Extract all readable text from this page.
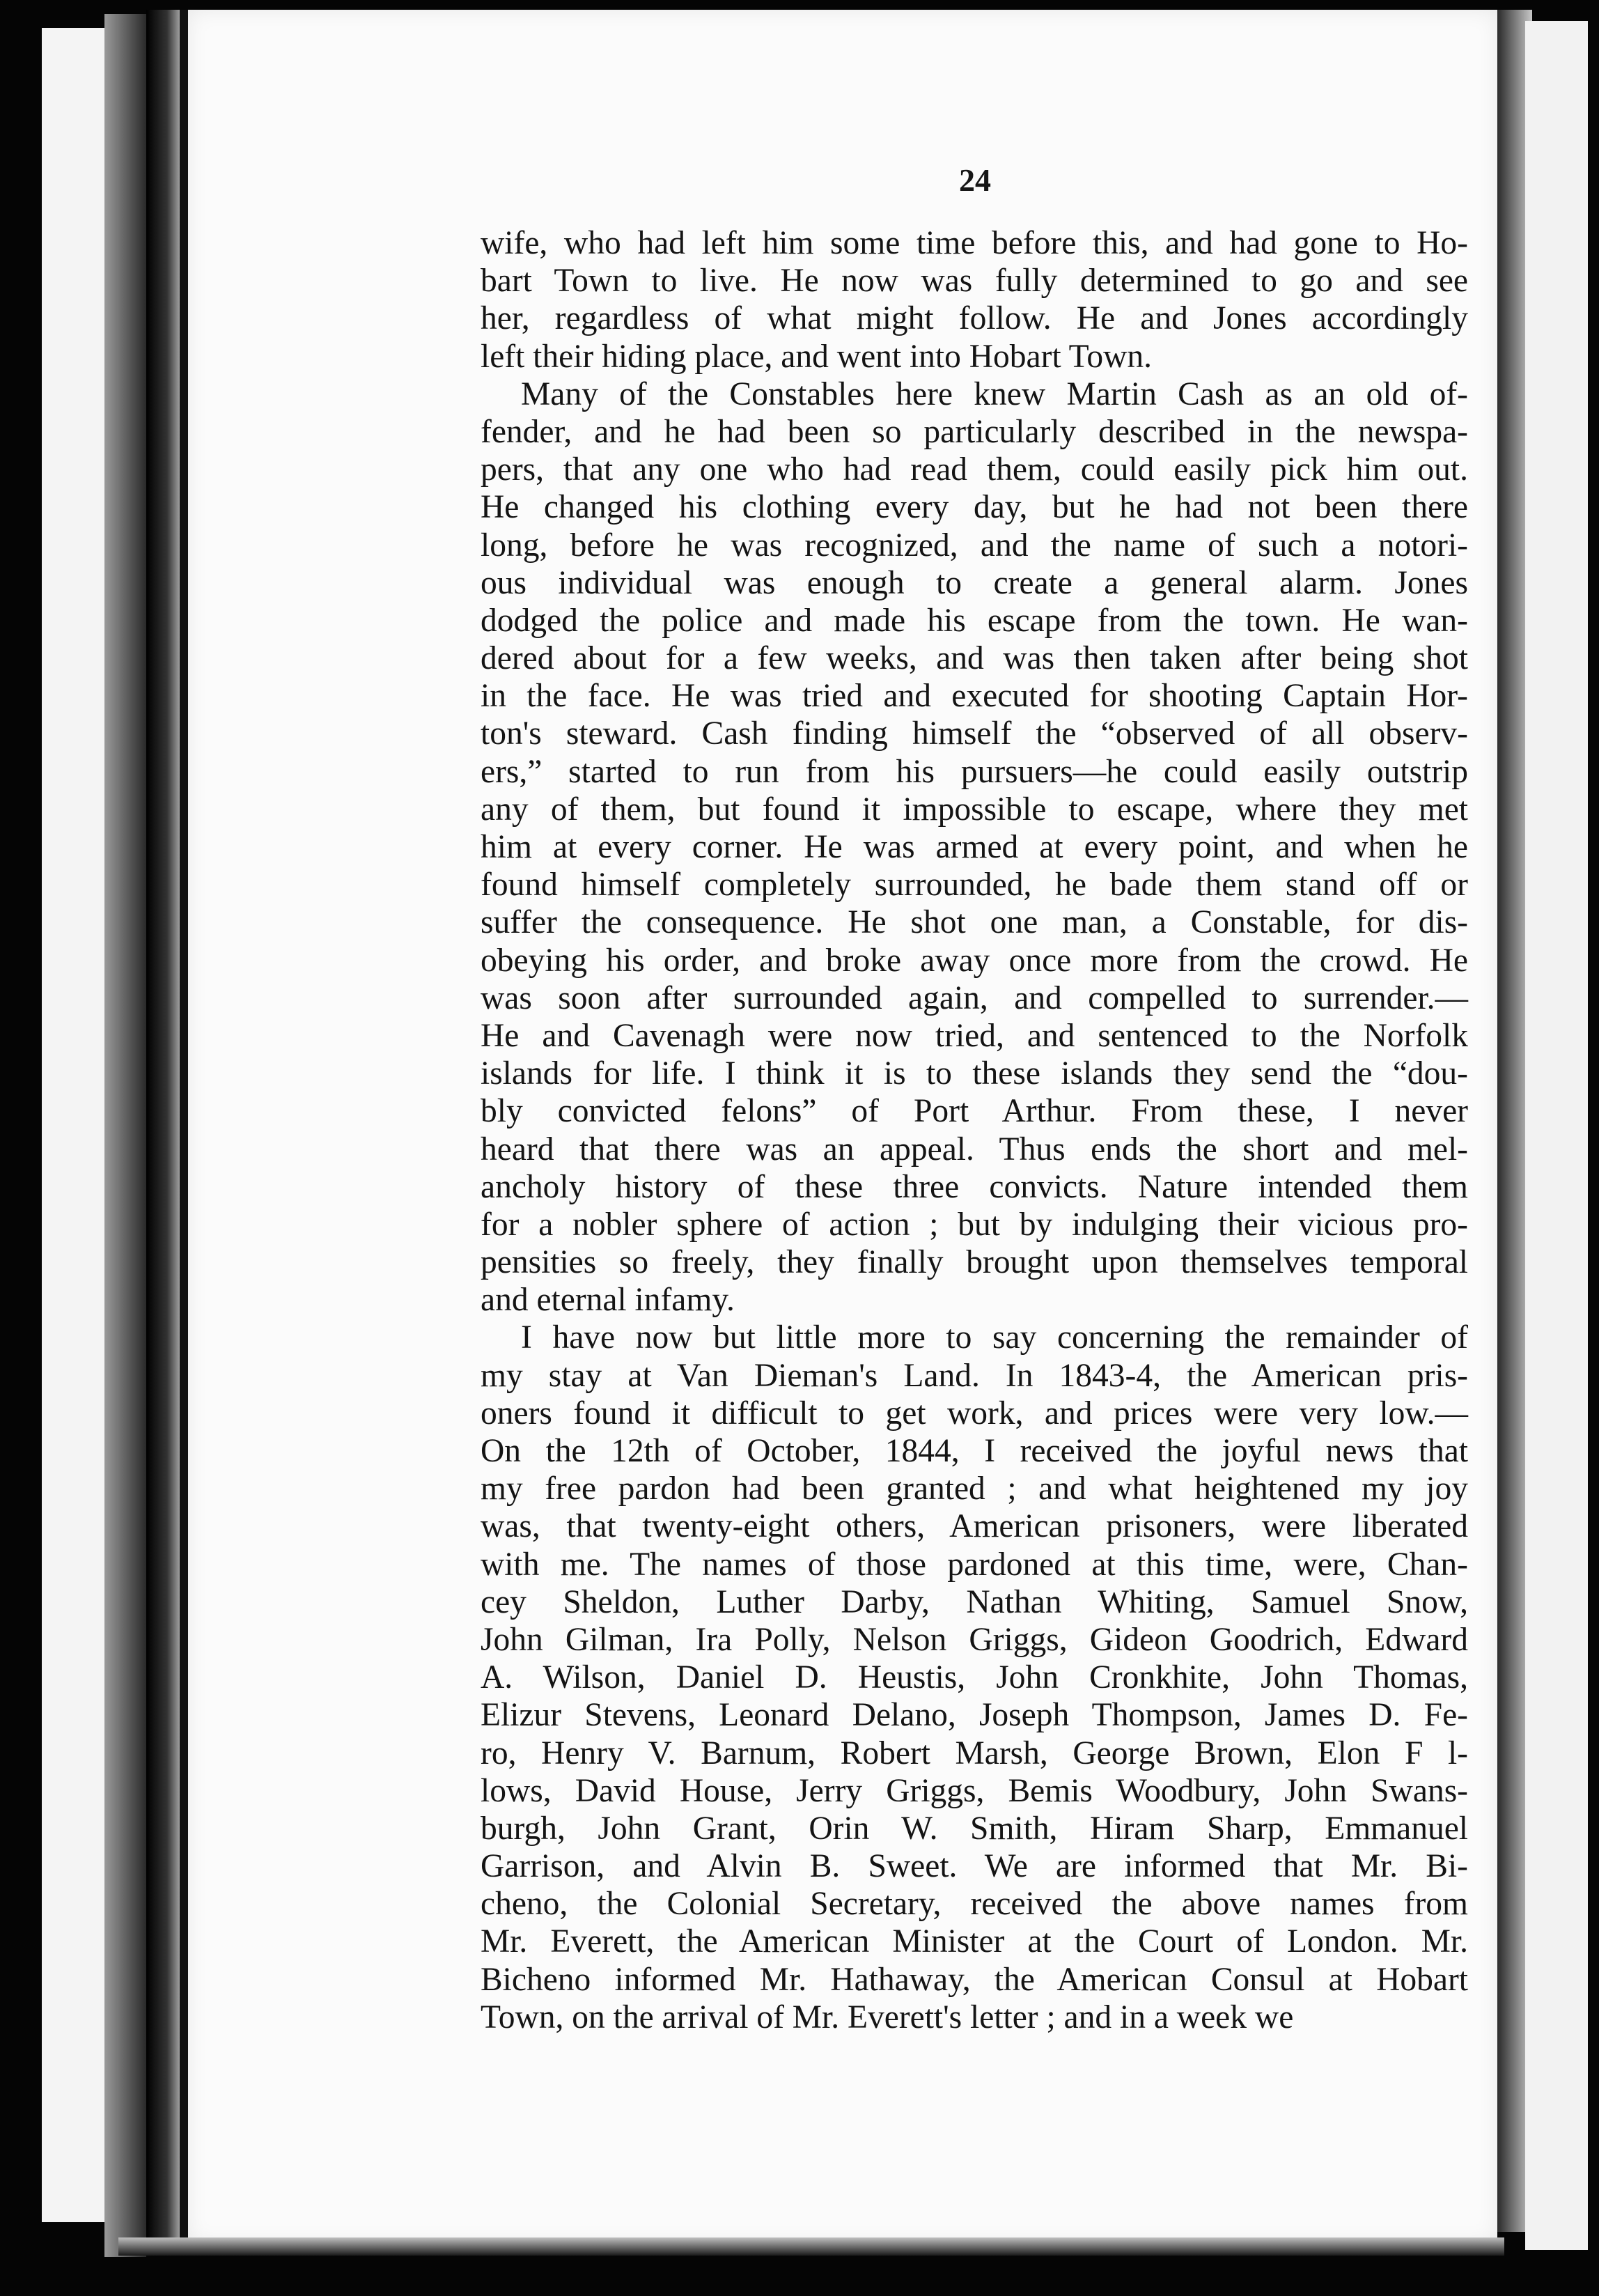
24
wife, who had left him some time before this, and had gone to Ho-
bart Town to live. He now was fully determined to go and see
her, regardless of what might follow. He and Jones accordingly
left their hiding place, and went into Hobart Town.
Many of the Constables here knew Martin Cash as an old of-
fender, and he had been so particularly described in the newspa-
pers, that any one who had read them, could easily pick him out.
He changed his clothing every day, but he had not been there
long, before he was recognized, and the name of such a notori-
ous individual was enough to create a general alarm. Jones
dodged the police and made his escape from the town. He wan-
dered about for a few weeks, and was then taken after being shot
in the face. He was tried and executed for shooting Captain Hor-
ton's steward. Cash finding himself the “observed of all observ-
ers,” started to run from his pursuers—he could easily outstrip
any of them, but found it impossible to escape, where they met
him at every corner. He was armed at every point, and when he
found himself completely surrounded, he bade them stand off or
suffer the consequence. He shot one man, a Constable, for dis-
obeying his order, and broke away once more from the crowd. He
was soon after surrounded again, and compelled to surrender.—
He and Cavenagh were now tried, and sentenced to the Norfolk
islands for life. I think it is to these islands they send the “dou-
bly convicted felons” of Port Arthur. From these, I never
heard that there was an appeal. Thus ends the short and mel-
ancholy history of these three convicts. Nature intended them
for a nobler sphere of action ; but by indulging their vicious pro-
pensities so freely, they finally brought upon themselves temporal
and eternal infamy.
I have now but little more to say concerning the remainder of
my stay at Van Dieman's Land. In 1843-4, the American pris-
oners found it difficult to get work, and prices were very low.—
On the 12th of October, 1844, I received the joyful news that
my free pardon had been granted ; and what heightened my joy
was, that twenty-eight others, American prisoners, were liberated
with me. The names of those pardoned at this time, were, Chan-
cey Sheldon, Luther Darby, Nathan Whiting, Samuel Snow,
John Gilman, Ira Polly, Nelson Griggs, Gideon Goodrich, Edward
A. Wilson, Daniel D. Heustis, John Cronkhite, John Thomas,
Elizur Stevens, Leonard Delano, Joseph Thompson, James D. Fe-
ro, Henry V. Barnum, Robert Marsh, George Brown, Elon F l-
lows, David House, Jerry Griggs, Bemis Woodbury, John Swans-
burgh, John Grant, Orin W. Smith, Hiram Sharp, Emmanuel
Garrison, and Alvin B. Sweet. We are informed that Mr. Bi-
cheno, the Colonial Secretary, received the above names from
Mr. Everett, the American Minister at the Court of London. Mr.
Bicheno informed Mr. Hathaway, the American Consul at Hobart
Town, on the arrival of Mr. Everett's letter ; and in a week we
